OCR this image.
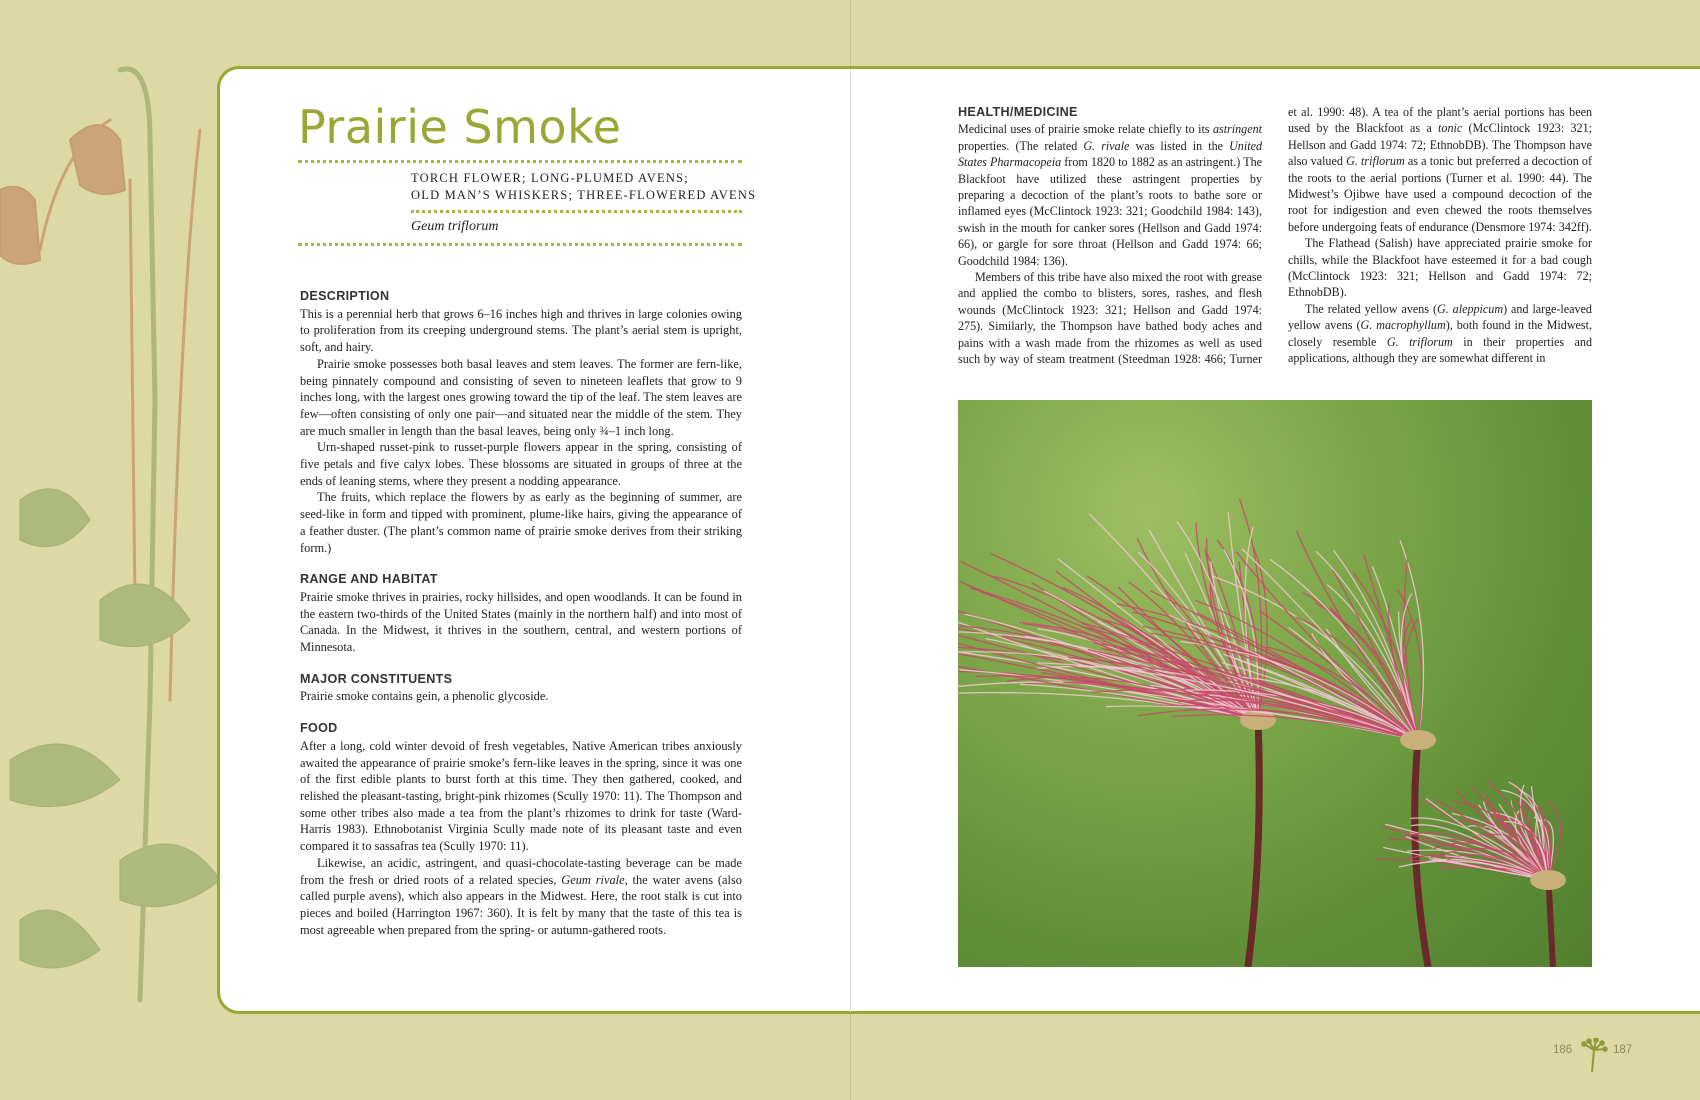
Prairie Smoke
TORCH FLOWER; LONG-PLUMED AVENS;
OLD MAN’S WHISKERS; THREE-FLOWERED AVENS
Geum triflorum
DESCRIPTION

This is a perennial herb that grows 6–16 inches high and thrives in large colonies owing to proliferation from its creeping underground stems. The plant’s aerial stem is upright, soft, and hairy.

Prairie smoke possesses both basal leaves and stem leaves. The former are fern-like, being pinnately compound and consisting of seven to nineteen leaflets that grow to 9 inches long, with the largest ones growing toward the tip of the leaf. The stem leaves are few—often consisting of only one pair—and situated near the middle of the stem. They are much smaller in length than the basal leaves, being only ¾–1 inch long.

Urn-shaped russet-pink to russet-purple flowers appear in the spring, consisting of five petals and five calyx lobes. These blossoms are situated in groups of three at the ends of leaning stems, where they present a nodding appearance.

The fruits, which replace the flowers by as early as the beginning of summer, are seed-like in form and tipped with prominent, plume-like hairs, giving the appearance of a feather duster. (The plant’s common name of prairie smoke derives from their striking form.)

RANGE AND HABITAT

Prairie smoke thrives in prairies, rocky hillsides, and open woodlands. It can be found in the eastern two-thirds of the United States (mainly in the northern half) and into most of Canada. In the Midwest, it thrives in the southern, central, and western portions of Minnesota.

MAJOR CONSTITUENTS

Prairie smoke contains gein, a phenolic glycoside.

FOOD

After a long, cold winter devoid of fresh vegetables, Native American tribes anxiously awaited the appearance of prairie smoke’s fern-like leaves in the spring, since it was one of the first edible plants to burst forth at this time. They then gathered, cooked, and relished the pleasant-tasting, bright-pink rhizomes (Scully 1970: 11). The Thompson and some other tribes also made a tea from the plant’s rhizomes to drink for taste (Ward-Harris 1983). Ethnobotanist Virginia Scully made note of its pleasant taste and even compared it to sassafras tea (Scully 1970: 11).

Likewise, an acidic, astringent, and quasi-chocolate-tasting beverage can be made from the fresh or dried roots of a related species, Geum rivale, the water avens (also called purple avens), which also appears in the Midwest. Here, the root stalk is cut into pieces and boiled (Harrington 1967: 360). It is felt by many that the taste of this tea is most agreeable when prepared from the spring- or autumn-gathered roots.

HEALTH/MEDICINE

Medicinal uses of prairie smoke relate chiefly to its astringent properties. (The related G. rivale was listed in the United States Pharmacopeia from 1820 to 1882 as an astringent.) The Blackfoot have utilized these astringent properties by preparing a decoction of the plant’s roots to bathe sore or inflamed eyes (McClintock 1923: 321; Goodchild 1984: 143), swish in the mouth for canker sores (Hellson and Gadd 1974: 66), or gargle for sore throat (Hellson and Gadd 1974: 66; Goodchild 1984: 136).

Members of this tribe have also mixed the root with grease and applied the combo to blisters, sores, rashes, and flesh wounds (McClintock 1923: 321; Hellson and Gadd 1974: 275). Similarly, the Thompson have bathed body aches and pains with a wash made from the rhizomes as well as used such by way of steam treatment (Steedman 1928: 466; Turner et al. 1990: 48). A tea of the plant’s aerial portions has been used by the Blackfoot as a tonic (McClintock 1923: 321; Hellson and Gadd 1974: 72; EthnobDB). The Thompson have also valued G. triflorum as a tonic but preferred a decoction of the roots to the aerial portions (Turner et al. 1990: 44). The Midwest’s Ojibwe have used a compound decoction of the root for indigestion and even chewed the roots themselves before undergoing feats of endurance (Densmore 1974: 342ff).

The Flathead (Salish) have appreciated prairie smoke for chills, while the Blackfoot have esteemed it for a bad cough (McClintock 1923: 321; Hellson and Gadd 1974: 72; EthnobDB).

The related yellow avens (G. aleppicum) and large-leaved yellow avens (G. macrophyllum), both found in the Midwest, closely resemble G. triflorum in their properties and applications, although they are somewhat different in

186	187
